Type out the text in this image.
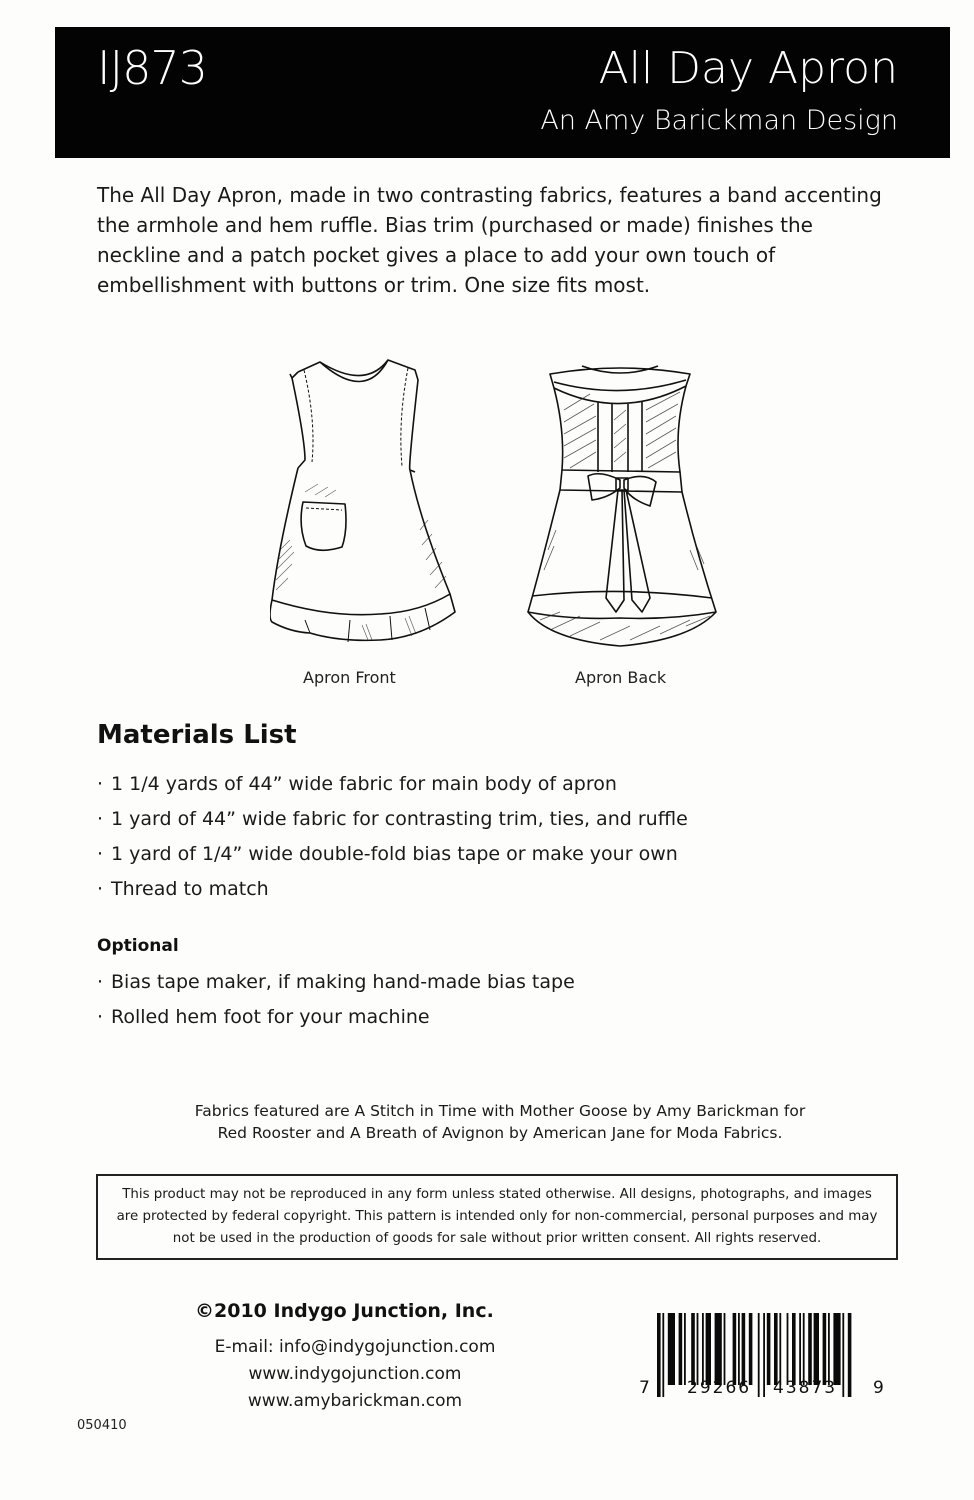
IJ873	All Day Apron
An Amy Barickman Design
The All Day Apron, made in two contrasting fabrics, features a band accenting the armhole and hem ruffle. Bias trim (purchased or made) finishes the neckline and a patch pocket gives a place to add your own touch of embellishment with buttons or trim. One size fits most.
Apron Front	Apron Back
Materials List
· 1 1/4 yards of 44” wide fabric for main body of apron
· 1 yard of 44” wide fabric for contrasting trim, ties, and ruffle
· 1 yard of 1/4” wide double-fold bias tape or make your own
· Thread to match
Optional
· Bias tape maker, if making hand-made bias tape
· Rolled hem foot for your machine
Fabrics featured are A Stitch in Time with Mother Goose by Amy Barickman for
Red Rooster and A Breath of Avignon by American Jane for Moda Fabrics.
This product may not be reproduced in any form unless stated otherwise. All designs, photographs, and images
are protected by federal copyright. This pattern is intended only for non-commercial, personal purposes and may
not be used in the production of goods for sale without prior written consent. All rights reserved.
©2010 Indygo Junction, Inc.
E-mail: info@indygojunction.com
www.indygojunction.com
www.amybarickman.com
050410
7 29266 43873 9
